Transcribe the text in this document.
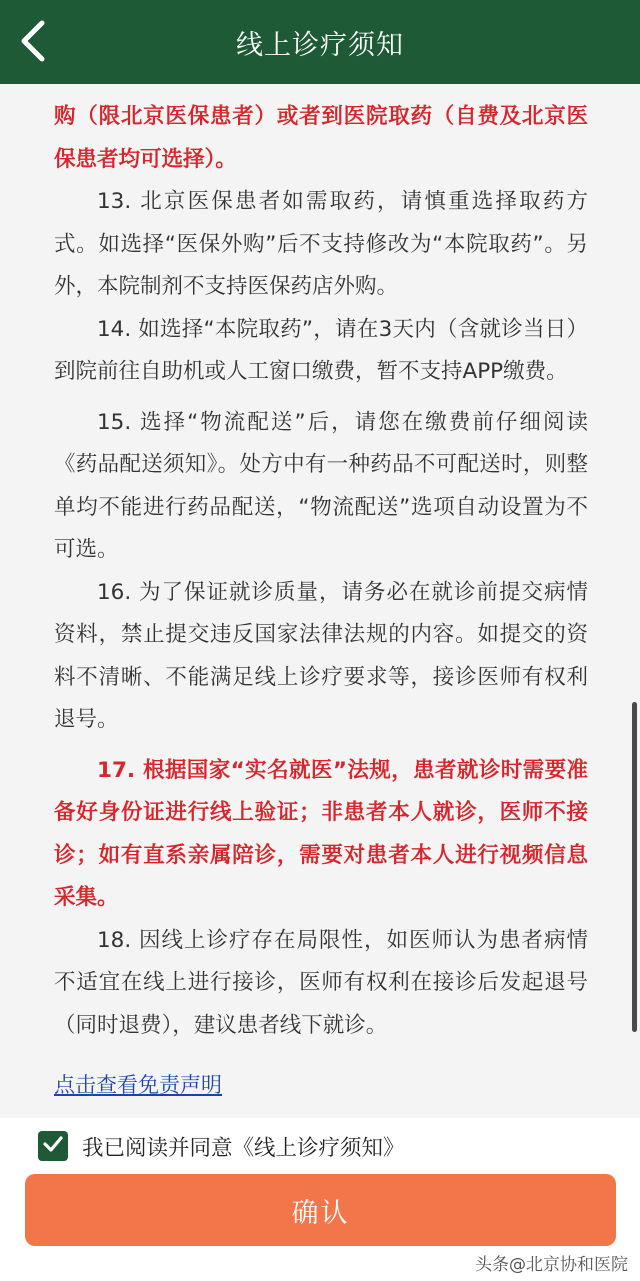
线上诊疗须知

购（限北京医保患者）或者到医院取药（自费及北京医保患者均可选择）。

13. 北京医保患者如需取药，请慎重选择取药方式。如选择“医保外购”后不支持修改为“本院取药”。另外，本院制剂不支持医保药店外购。

14. 如选择“本院取药”，请在3天内（含就诊当日）到院前往自助机或人工窗口缴费，暂不支持APP缴费。

15. 选择“物流配送”后，请您在缴费前仔细阅读《药品配送须知》。处方中有一种药品不可配送时，则整单均不能进行药品配送，“物流配送”选项自动设置为不可选。

16. 为了保证就诊质量，请务必在就诊前提交病情资料，禁止提交违反国家法律法规的内容。如提交的资料不清晰、不能满足线上诊疗要求等，接诊医师有权利退号。

17. 根据国家“实名就医”法规，患者就诊时需要准备好身份证进行线上验证；非患者本人就诊，医师不接诊；如有直系亲属陪诊，需要对患者本人进行视频信息采集。

18. 因线上诊疗存在局限性，如医师认为患者病情不适宜在线上进行接诊，医师有权利在接诊后发起退号（同时退费），建议患者线下就诊。

点击查看免责声明
我已阅读并同意《线上诊疗须知》
确认
头条@北京协和医院
